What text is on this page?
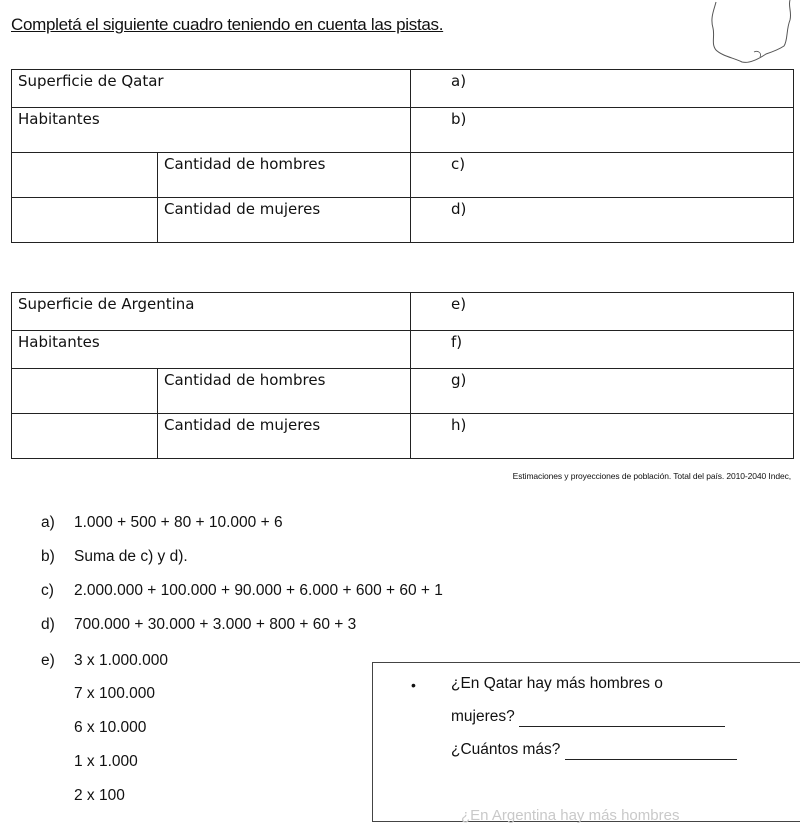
Completá el siguiente cuadro teniendo en cuenta las pistas.
Superficie de Qatar		a)
Habitantes		b)
	Cantidad de hombres	c)
	Cantidad de mujeres	d)
Superficie de Argentina		e)
Habitantes		f)
	Cantidad de hombres	g)
	Cantidad de mujeres	h)
Estimaciones y proyecciones de población. Total del país. 2010-2040 Indec,
a) 1.000 + 500 + 80 + 10.000 + 6
b) Suma de c) y d).
c) 2.000.000 + 100.000 + 90.000 + 6.000 + 600 + 60 + 1
d) 700.000 + 30.000 + 3.000 + 800 + 60 + 3
e) 3 x 1.000.000
7 x 100.000
6 x 10.000
1 x 1.000
2 x 100
• ¿En Qatar hay más hombres o
mujeres?
¿Cuántos más?
¿En Argentina hay más hombres
